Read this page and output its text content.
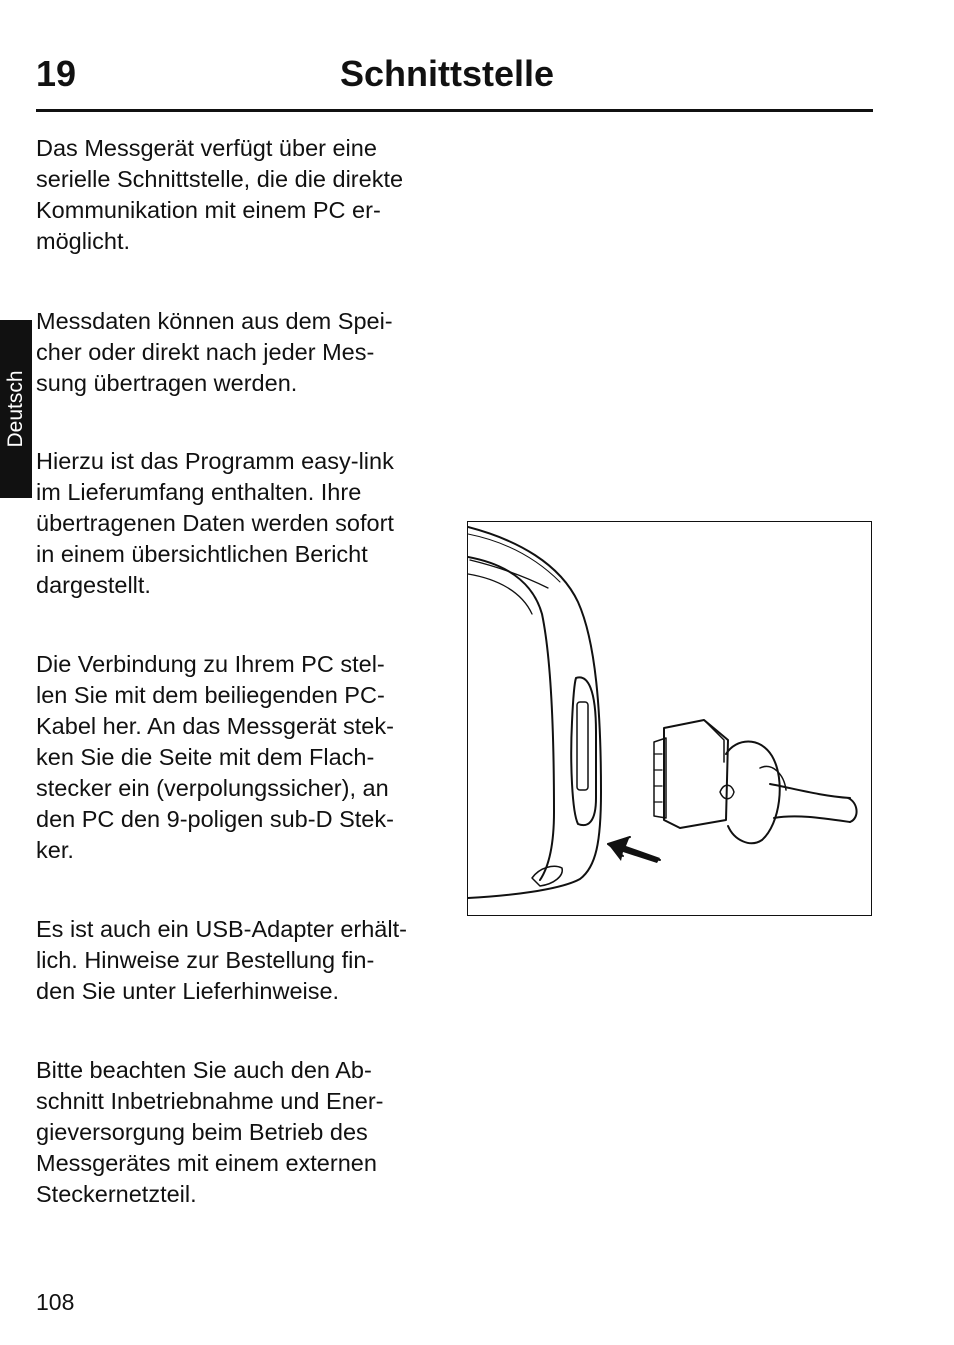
19	Schnittstelle
Deutsch

Das Messgerät verfügt über eine
serielle Schnittstelle, die die direkte
Kommunikation mit einem PC er-
möglicht.

Messdaten können aus dem Spei-
cher oder direkt nach jeder Mes-
sung übertragen werden.

Hierzu ist das Programm easy-link
im Lieferumfang enthalten. Ihre
übertragenen Daten werden sofort
in einem übersichtlichen Bericht
dargestellt.

Die Verbindung zu Ihrem PC stel-
len Sie mit dem beiliegenden PC-
Kabel her. An das Messgerät stek-
ken Sie die Seite mit dem Flach-
stecker ein (verpolungssicher), an
den PC den 9-poligen sub-D Stek-
ker.

Es ist auch ein USB-Adapter erhält-
lich. Hinweise zur Bestellung fin-
den Sie unter Lieferhinweise.

Bitte beachten Sie auch den Ab-
schnitt Inbetriebnahme und Ener-
gieversorgung beim Betrieb des
Messgerätes mit einem externen
Steckernetzteil.

108
